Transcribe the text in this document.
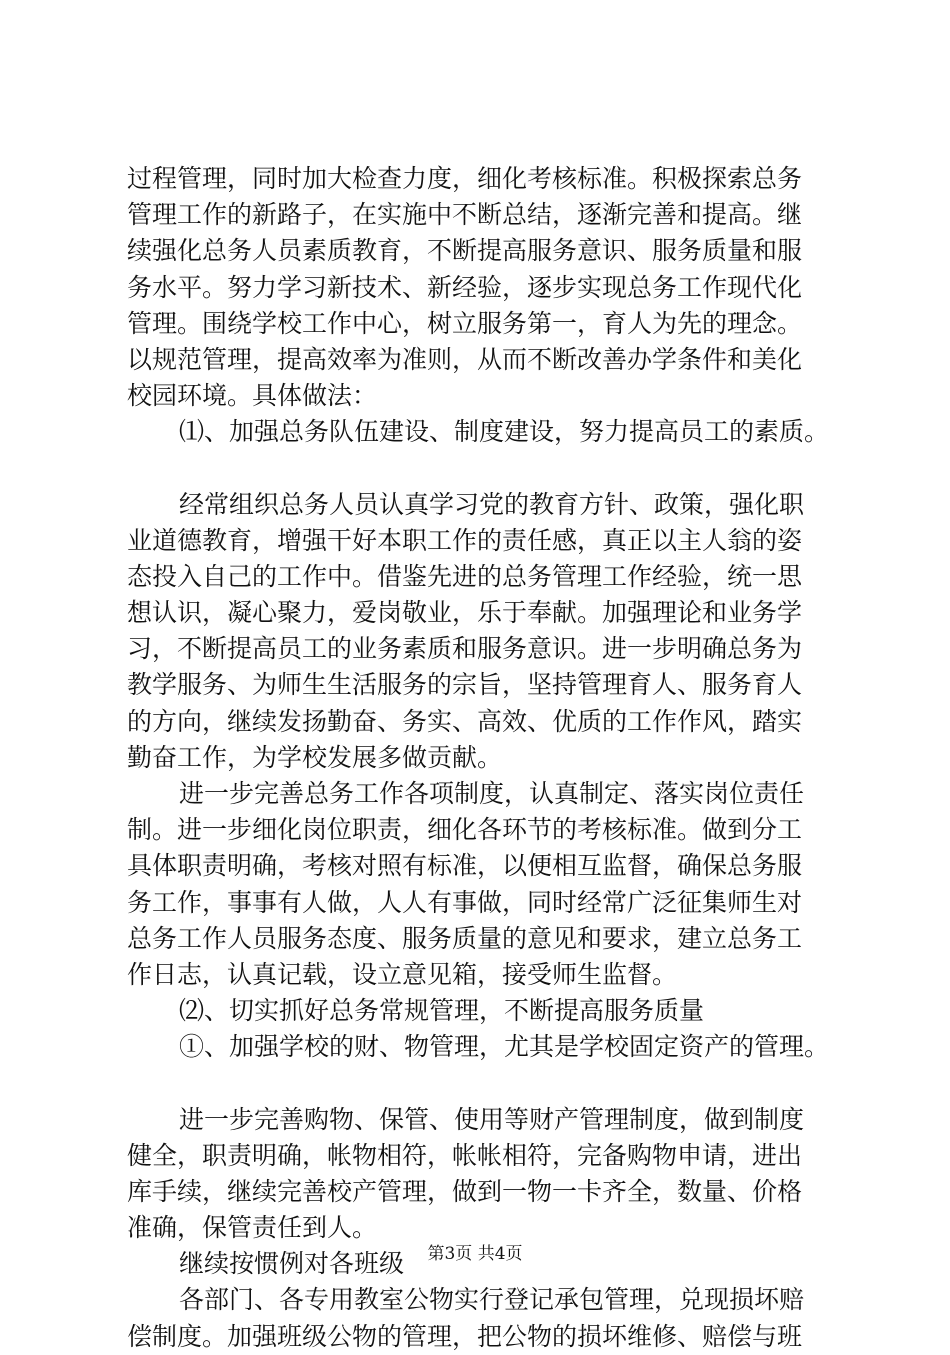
过程管理，同时加大检查力度，细化考核标准。积极探索总务
管理工作的新路子，在实施中不断总结，逐渐完善和提高。继
续强化总务人员素质教育，不断提高服务意识、服务质量和服
务水平。努力学习新技术、新经验，逐步实现总务工作现代化
管理。围绕学校工作中心，树立服务第一，育人为先的理念。
以规范管理，提高效率为准则，从而不断改善办学条件和美化
校园环境。具体做法：
⑴、加强总务队伍建设、制度建设，努力提高员工的素质。
经常组织总务人员认真学习党的教育方针、政策，强化职
业道德教育，增强干好本职工作的责任感，真正以主人翁的姿
态投入自己的工作中。借鉴先进的总务管理工作经验，统一思
想认识，凝心聚力，爱岗敬业，乐于奉献。加强理论和业务学
习，不断提高员工的业务素质和服务意识。进一步明确总务为
教学服务、为师生生活服务的宗旨，坚持管理育人、服务育人
的方向，继续发扬勤奋、务实、高效、优质的工作作风，踏实
勤奋工作，为学校发展多做贡献。
进一步完善总务工作各项制度，认真制定、落实岗位责任
制。进一步细化岗位职责，细化各环节的考核标准。做到分工
具体职责明确，考核对照有标准，以便相互监督，确保总务服
务工作，事事有人做，人人有事做，同时经常广泛征集师生对
总务工作人员服务态度、服务质量的意见和要求，建立总务工
作日志，认真记载，设立意见箱，接受师生监督。
⑵、切实抓好总务常规管理，不断提高服务质量
①、加强学校的财、物管理，尤其是学校固定资产的管理。
进一步完善购物、保管、使用等财产管理制度，做到制度
健全，职责明确，帐物相符，帐帐相符，完备购物申请，进出
库手续，继续完善校产管理，做到一物一卡齐全，数量、价格
准确，保管责任到人。
继续按惯例对各班级
各部门、各专用教室公物实行登记承包管理，兑现损坏赔
偿制度。加强班级公物的管理，把公物的损坏维修、赔偿与班
第3页 共4页
